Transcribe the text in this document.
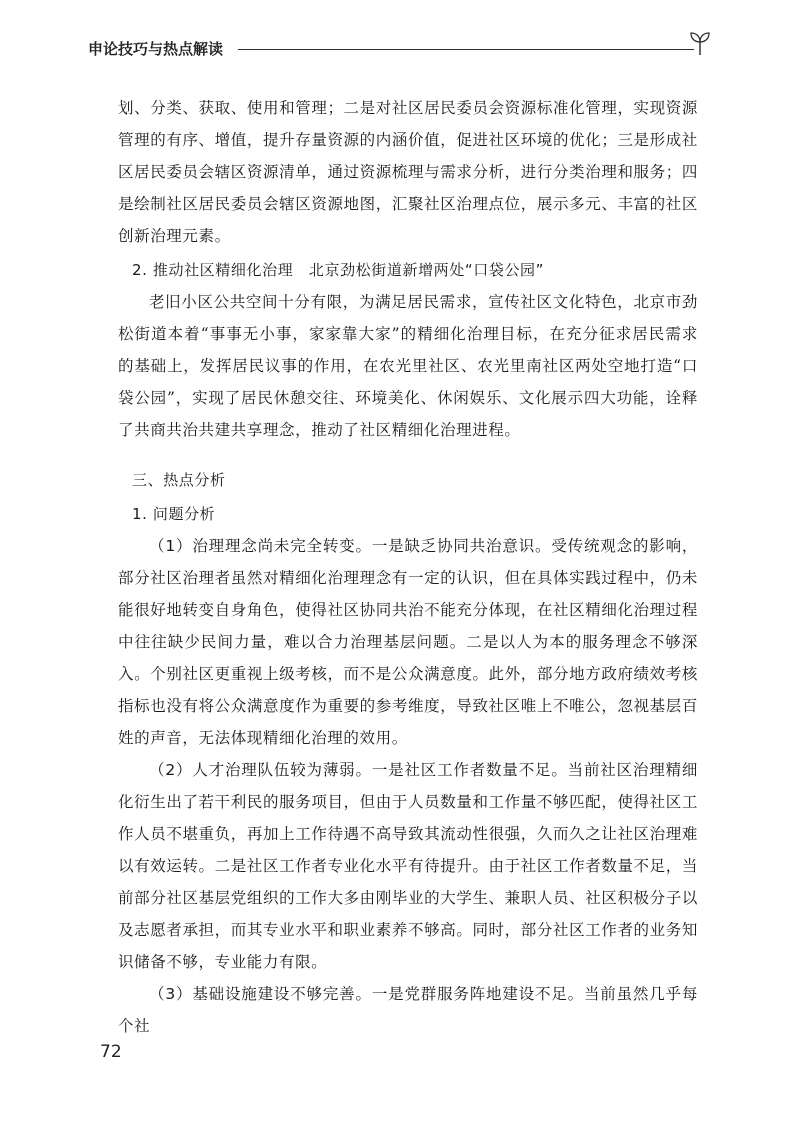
申论技巧与热点解读

划、分类、获取、使用和管理；二是对社区居民委员会资源标准化管理，实现资源管理的有序、增值，提升存量资源的内涵价值，促进社区环境的优化；三是形成社区居民委员会辖区资源清单，通过资源梳理与需求分析，进行分类治理和服务；四是绘制社区居民委员会辖区资源地图，汇聚社区治理点位，展示多元、丰富的社区创新治理元素。

2. 推动社区精细化治理　北京劲松街道新增两处“口袋公园”

老旧小区公共空间十分有限，为满足居民需求，宣传社区文化特色，北京市劲松街道本着“事事无小事，家家靠大家”的精细化治理目标，在充分征求居民需求的基础上，发挥居民议事的作用，在农光里社区、农光里南社区两处空地打造“口袋公园”，实现了居民休憩交往、环境美化、休闲娱乐、文化展示四大功能，诠释了共商共治共建共享理念，推动了社区精细化治理进程。

三、热点分析

1. 问题分析

（1）治理理念尚未完全转变。一是缺乏协同共治意识。受传统观念的影响，部分社区治理者虽然对精细化治理理念有一定的认识，但在具体实践过程中，仍未能很好地转变自身角色，使得社区协同共治不能充分体现，在社区精细化治理过程中往往缺少民间力量，难以合力治理基层问题。二是以人为本的服务理念不够深入。个别社区更重视上级考核，而不是公众满意度。此外，部分地方政府绩效考核指标也没有将公众满意度作为重要的参考维度，导致社区唯上不唯公，忽视基层百姓的声音，无法体现精细化治理的效用。

（2）人才治理队伍较为薄弱。一是社区工作者数量不足。当前社区治理精细化衍生出了若干利民的服务项目，但由于人员数量和工作量不够匹配，使得社区工作人员不堪重负，再加上工作待遇不高导致其流动性很强，久而久之让社区治理难以有效运转。二是社区工作者专业化水平有待提升。由于社区工作者数量不足，当前部分社区基层党组织的工作大多由刚毕业的大学生、兼职人员、社区积极分子以及志愿者承担，而其专业水平和职业素养不够高。同时，部分社区工作者的业务知识储备不够，专业能力有限。

（3）基础设施建设不够完善。一是党群服务阵地建设不足。当前虽然几乎每个社

72
